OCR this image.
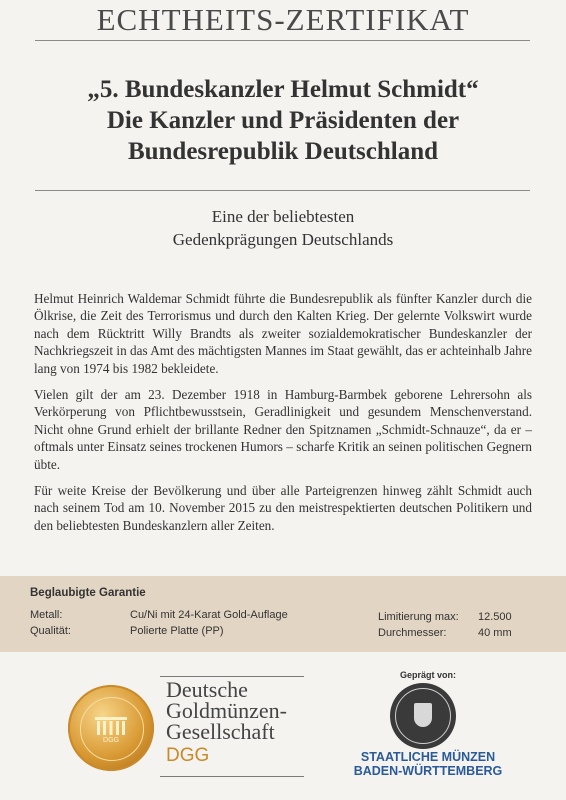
ECHTHEITS-ZERTIFIKAT
„5. Bundeskanzler Helmut Schmidt“
Die Kanzler und Präsidenten der
Bundesrepublik Deutschland
Eine der beliebtesten
Gedenkprägungen Deutschlands

Helmut Heinrich Waldemar Schmidt führte die Bundesrepublik als fünfter Kanzler durch die Ölkrise, die Zeit des Terrorismus und durch den Kalten Krieg. Der gelernte Volkswirt wurde nach dem Rücktritt Willy Brandts als zweiter sozialdemokratischer Bundeskanzler der Nachkriegszeit in das Amt des mächtigsten Mannes im Staat gewählt, das er achteinhalb Jahre lang von 1974 bis 1982 bekleidete.

Vielen gilt der am 23. Dezember 1918 in Hamburg-Barmbek geborene Lehrersohn als Verkörperung von Pflichtbewusstsein, Geradlinigkeit und gesundem Menschenverstand. Nicht ohne Grund erhielt der brillante Redner den Spitznamen „Schmidt-Schnauze“, da er – oftmals unter Einsatz seines trockenen Humors – scharfe Kritik an seinen politischen Gegnern übte.

Für weite Kreise der Bevölkerung und über alle Parteigrenzen hinweg zählt Schmidt auch nach seinem Tod am 10. November 2015 zu den meistrespektierten deutschen Politikern und den beliebtesten Bundeskanzlern aller Zeiten.

Beglaubigte Garantie
Metall:	Cu/Ni mit 24-Karat Gold-Auflage
Qualität:	Polierte Platte (PP)
Limitierung max: 12.500
Durchmesser:	40 mm
DGG
Deutsche
Goldmünzen-
Gesellschaft
DGG
Geprägt von:
STAATLICHE MÜNZEN
BADEN-WÜRTTEMBERG
